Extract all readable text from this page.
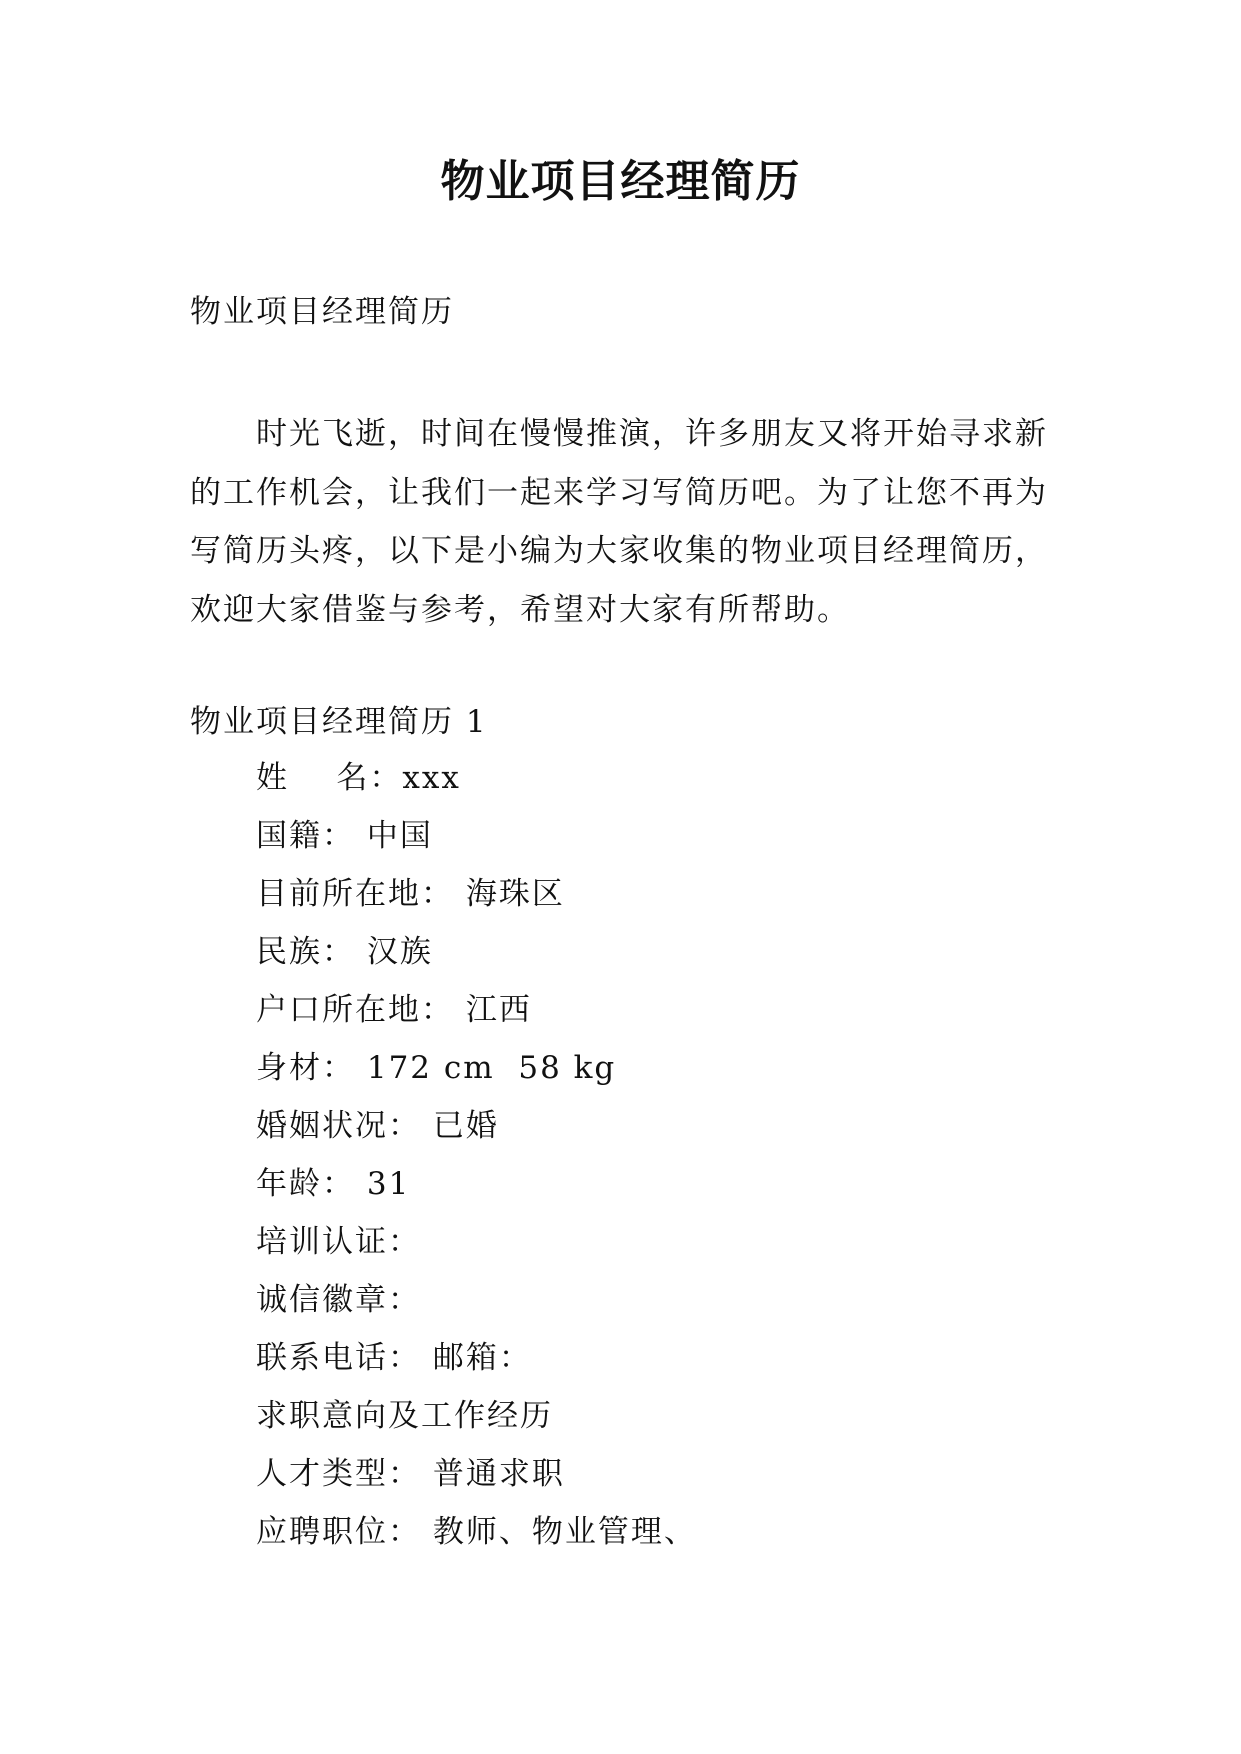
物业项目经理简历

物业项目经理简历

时光飞逝，时间在慢慢推演，许多朋友又将开始寻求新
的工作机会，让我们一起来学习写简历吧。为了让您不再为
写简历头疼，以下是小编为大家收集的物业项目经理简历，
欢迎大家借鉴与参考，希望对大家有所帮助。

物业项目经理简历 1

姓    名：xxx
国籍： 中国
目前所在地： 海珠区
民族： 汉族
户口所在地： 江西
身材： 172 cm  58 kg
婚姻状况： 已婚
年龄： 31
培训认证：
诚信徽章：
联系电话： 邮箱：
求职意向及工作经历
人才类型： 普通求职
应聘职位： 教师、物业管理、
